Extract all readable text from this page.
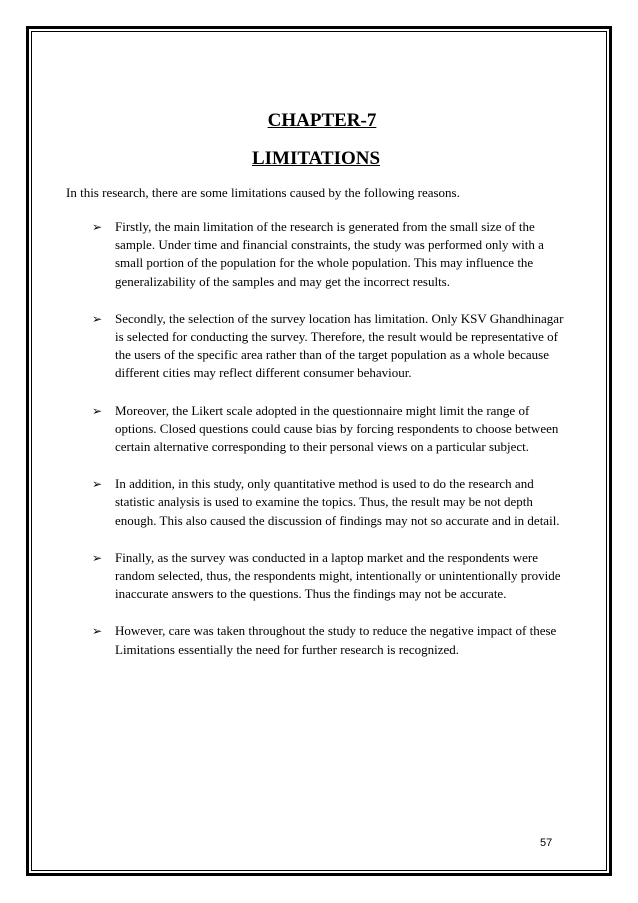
CHAPTER-7
LIMITATIONS
In this research, there are some limitations caused by the following reasons.
➢ Firstly, the main limitation of the research is generated from the small size of the sample. Under time and financial constraints, the study was performed only with a small portion of the population for the whole population. This may influence the generalizability of the samples and may get the incorrect results.
➢ Secondly, the selection of the survey location has limitation. Only KSV Ghandhinagar is selected for conducting the survey. Therefore, the result would be representative of the users of the specific area rather than of the target population as a whole because different cities may reflect different consumer behaviour.
➢ Moreover, the Likert scale adopted in the questionnaire might limit the range of options. Closed questions could cause bias by forcing respondents to choose between certain alternative corresponding to their personal views on a particular subject.
➢ In addition, in this study, only quantitative method is used to do the research and statistic analysis is used to examine the topics. Thus, the result may be not depth enough. This also caused the discussion of findings may not so accurate and in detail.
➢ Finally, as the survey was conducted in a laptop market and the respondents were random selected, thus, the respondents might, intentionally or unintentionally provide inaccurate answers to the questions. Thus the findings may not be accurate.
➢ However, care was taken throughout the study to reduce the negative impact of these Limitations essentially the need for further research is recognized.
57
